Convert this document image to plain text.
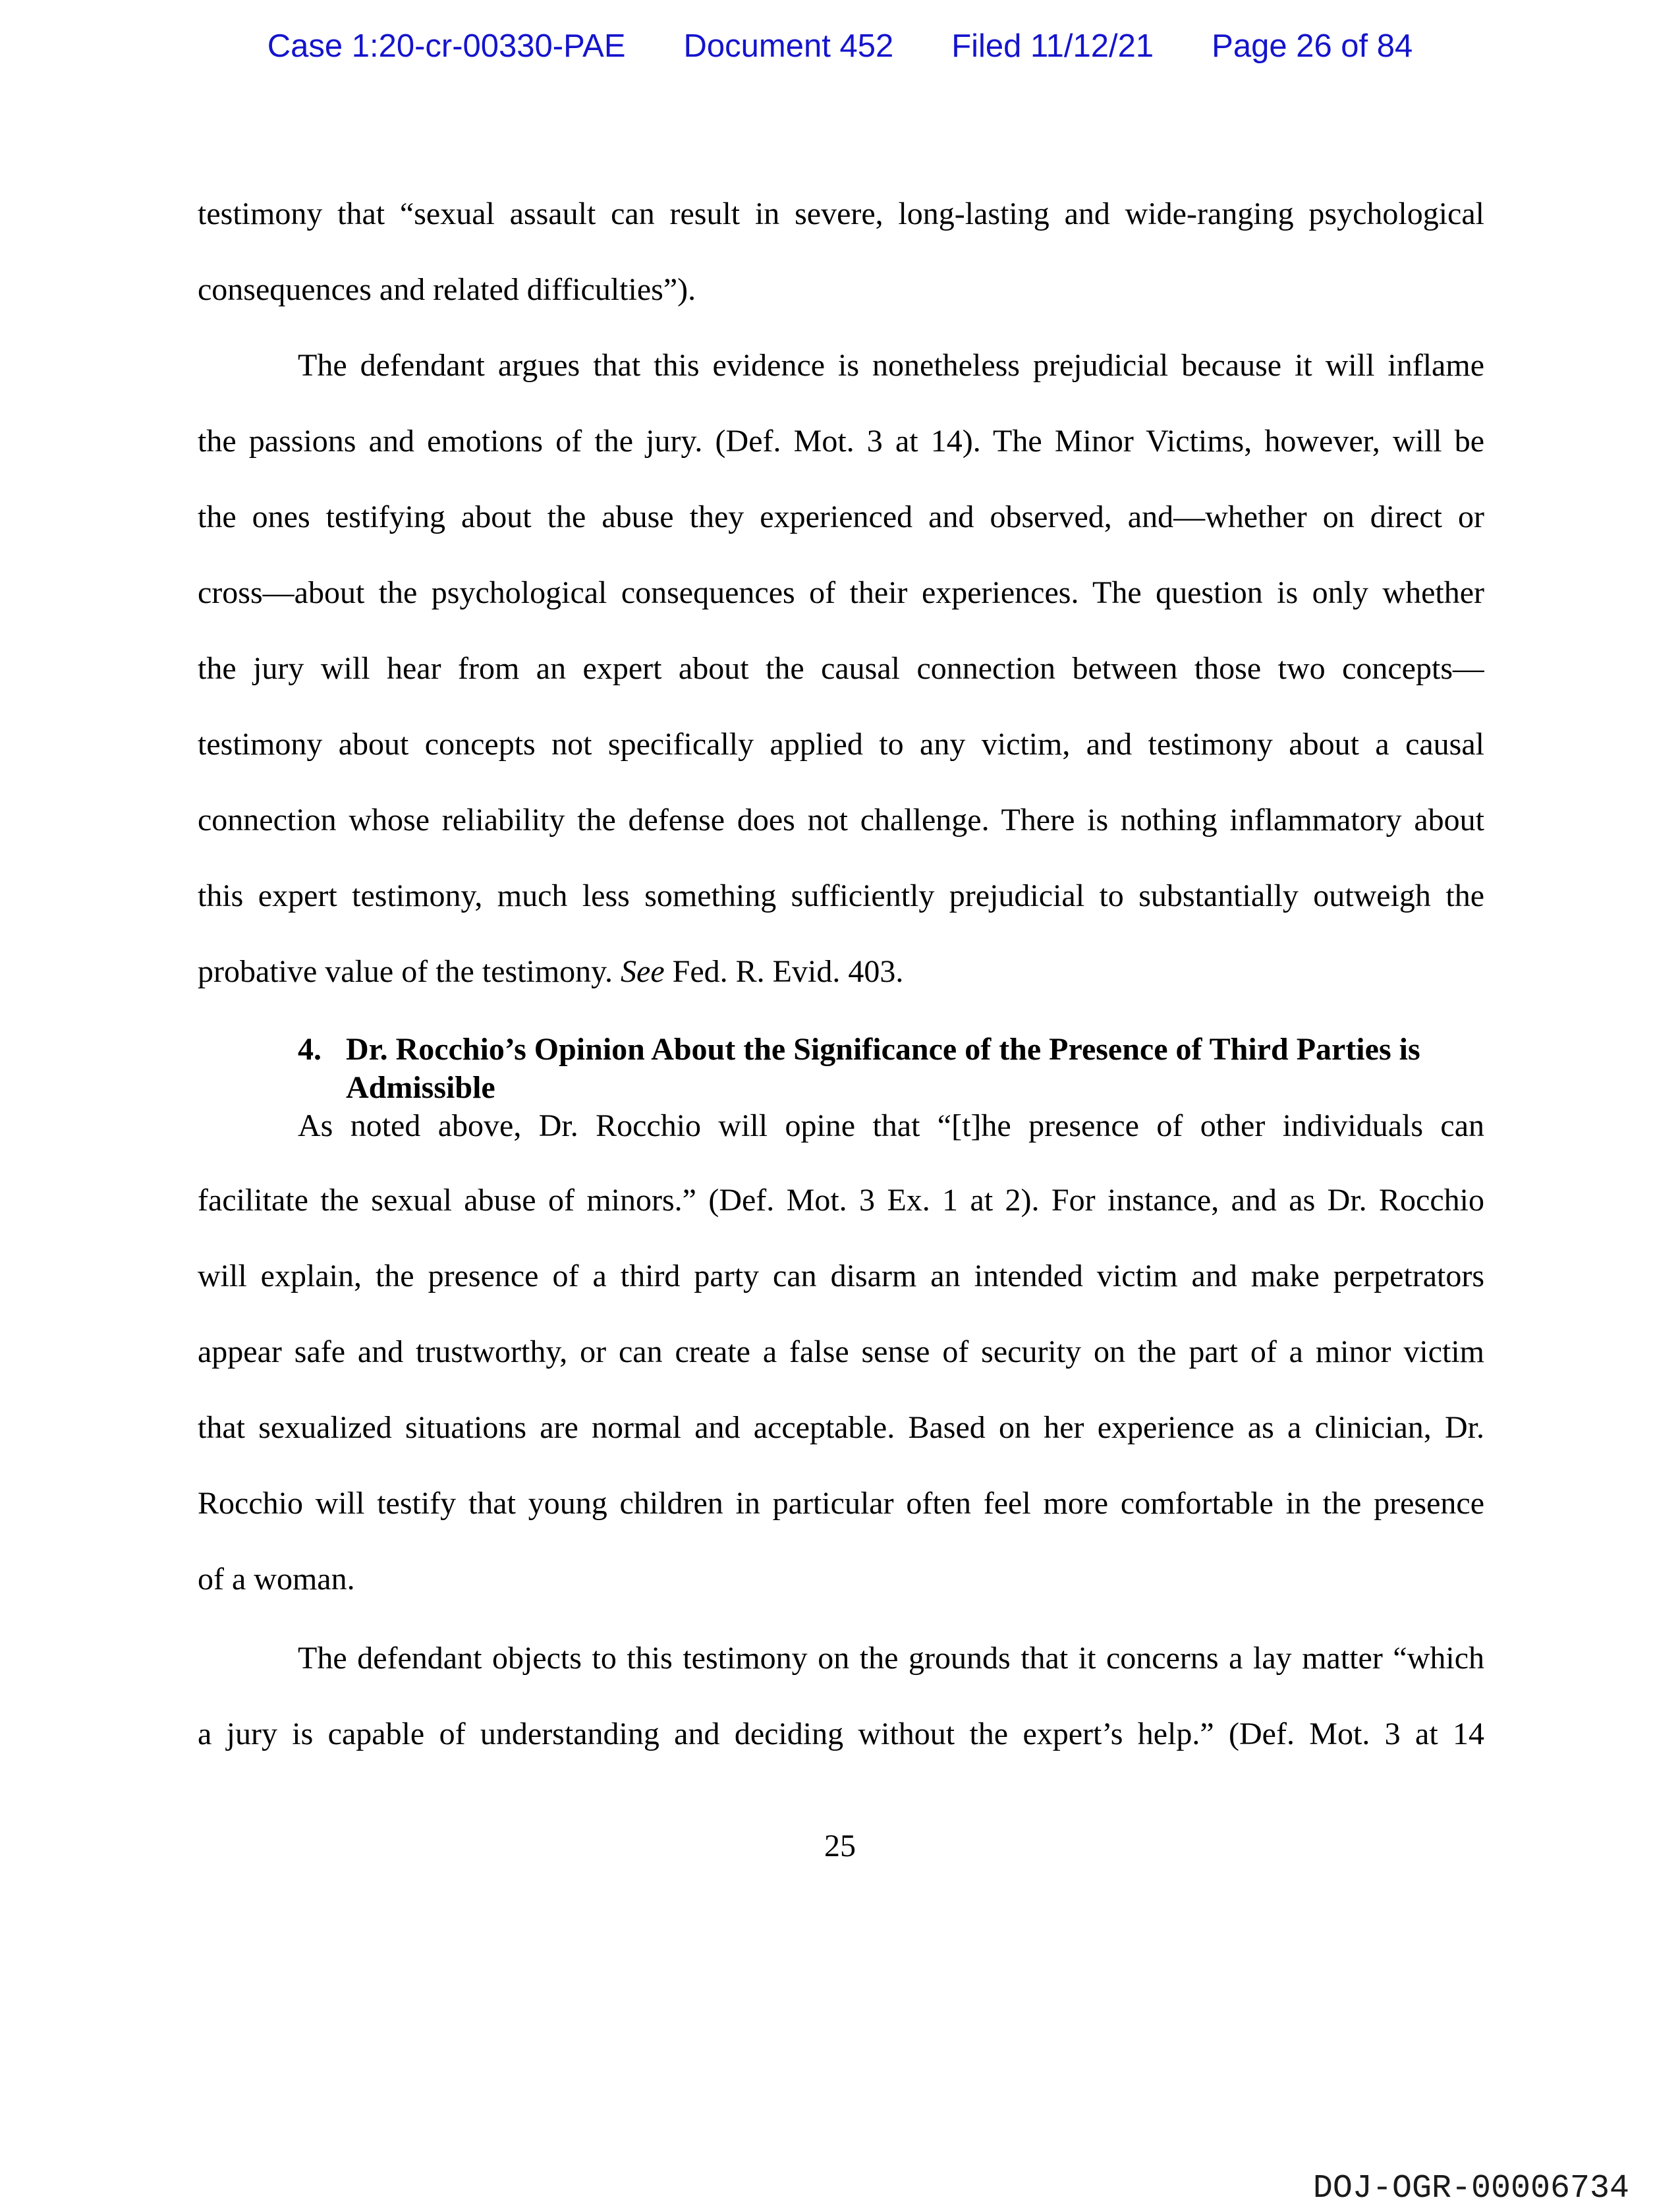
Case 1:20-cr-00330-PAE Document 452 Filed 11/12/21 Page 26 of 84
testimony that “sexual assault can result in severe, long-lasting and wide-ranging psychological
consequences and related difficulties”).
The defendant argues that this evidence is nonetheless prejudicial because it will inflame
the passions and emotions of the jury. (Def. Mot. 3 at 14). The Minor Victims, however, will be
the ones testifying about the abuse they experienced and observed, and—whether on direct or
cross—about the psychological consequences of their experiences. The question is only whether
the jury will hear from an expert about the causal connection between those two concepts—
testimony about concepts not specifically applied to any victim, and testimony about a causal
connection whose reliability the defense does not challenge. There is nothing inflammatory about
this expert testimony, much less something sufficiently prejudicial to substantially outweigh the
probative value of the testimony. See Fed. R. Evid. 403.
4. Dr. Rocchio’s Opinion About the Significance of the Presence of Third Parties is
Admissible
As noted above, Dr. Rocchio will opine that “[t]he presence of other individuals can
facilitate the sexual abuse of minors.” (Def. Mot. 3 Ex. 1 at 2). For instance, and as Dr. Rocchio
will explain, the presence of a third party can disarm an intended victim and make perpetrators
appear safe and trustworthy, or can create a false sense of security on the part of a minor victim
that sexualized situations are normal and acceptable. Based on her experience as a clinician, Dr.
Rocchio will testify that young children in particular often feel more comfortable in the presence
of a woman.
The defendant objects to this testimony on the grounds that it concerns a lay matter “which
a jury is capable of understanding and deciding without the expert’s help.” (Def. Mot. 3 at 14
25
DOJ-OGR-00006734
